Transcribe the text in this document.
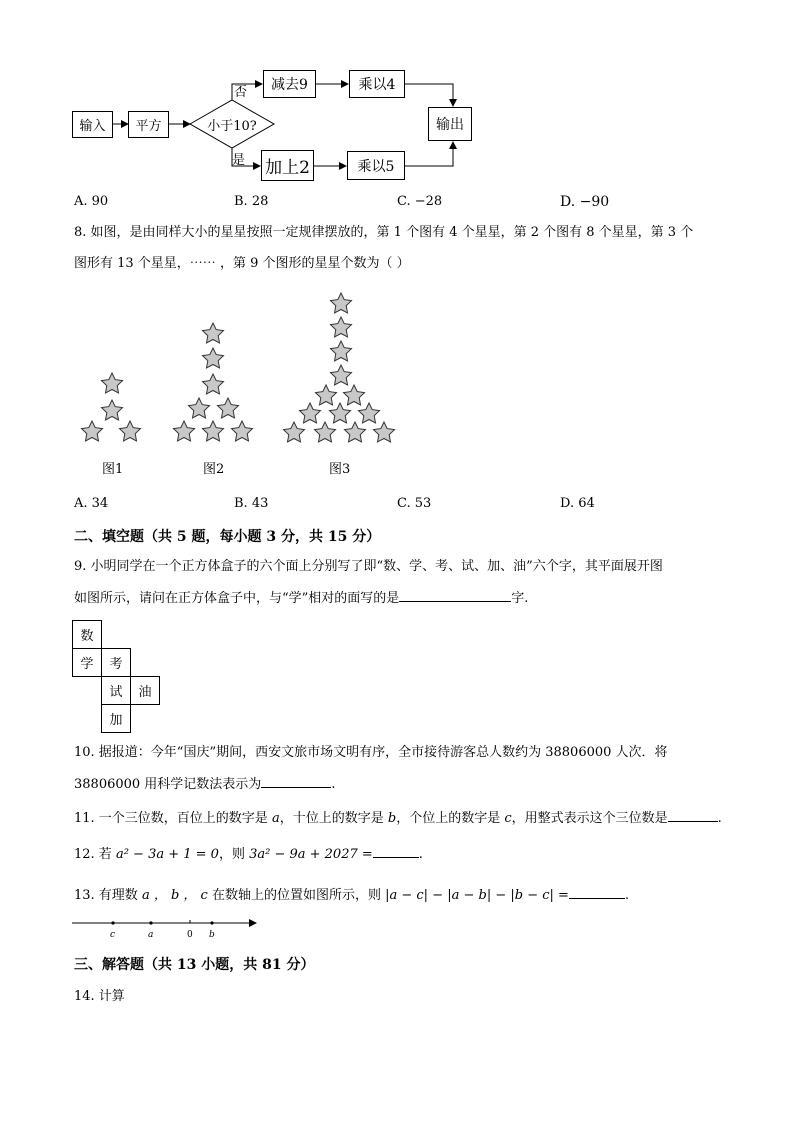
输入	平方	小于10?
否
是
减去9	乘以4
加上2	乘以5
输出
A. 90	B. 28	C. −28	D. −90
8. 如图，是由同样大小的星星按照一定规律摆放的，第 1 个图有 4 个星星，第 2 个图有 8 个星星，第 3 个
图形有 13 个星星，⋯⋯ ，第 9 个图形的星星个数为（ ）
图1	图2	图3
A. 34	B. 43	C. 53	D. 64
二、填空题（共 5 题，每小题 3 分，共 15 分）
9. 小明同学在一个正方体盒子的六个面上分别写了即“数、学、考、试、加、油”六个字，其平面展开图
如图所示，请问在正方体盒子中，与“学”相对的面写的是	字.
数
学	考
试	油
加
10. 据报道：今年“国庆”期间，西安文旅市场文明有序，全市接待游客总人数约为 38806000 人次．将
38806000 用科学记数法表示为	.
11. 一个三位数，百位上的数字是 a，十位上的数字是 b，个位上的数字是 c，用整式表示这个三位数是	.
12. 若 a² − 3a + 1 = 0，则 3a² − 9a + 2027 =	.
13. 有理数 a ， b ， c 在数轴上的位置如图所示，则 |a − c| − |a − b| − |b − c| =	.
c	a	0 b
三、解答题（共 13 小题，共 81 分）
14. 计算
